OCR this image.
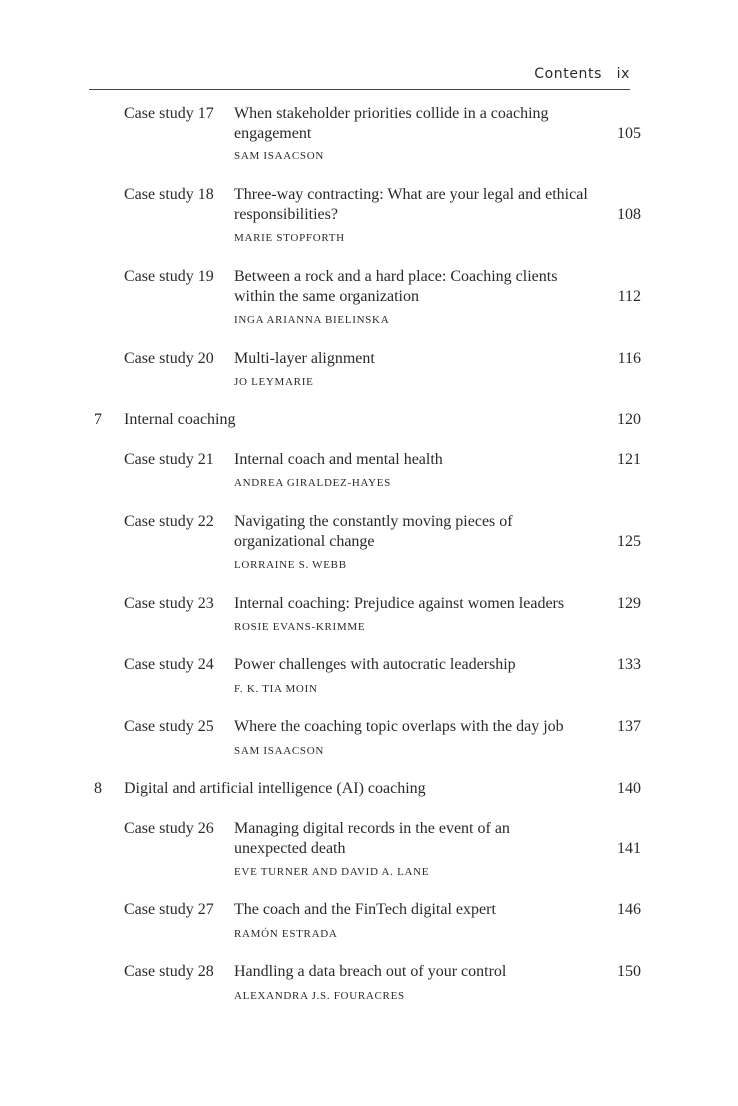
Contents ix
Case study 17 When stakeholder priorities collide in a coaching engagement
SAM ISAACSON
105
Case study 18 Three-way contracting: What are your legal and ethical responsibilities?
MARIE STOPFORTH
108
Case study 19 Between a rock and a hard place: Coaching clients within the same organization
INGA ARIANNA BIELINSKA
112
Case study 20 Multi-layer alignment
JO LEYMARIE
116
7 Internal coaching	120
Case study 21 Internal coach and mental health
ANDREA GIRALDEZ-HAYES
121
Case study 22 Navigating the constantly moving pieces of organizational change
LORRAINE S. WEBB
125
Case study 23 Internal coaching: Prejudice against women leaders
ROSIE EVANS-KRIMME
129
Case study 24 Power challenges with autocratic leadership
F. K. TIA MOIN
133
Case study 25 Where the coaching topic overlaps with the day job
SAM ISAACSON
137
8 Digital and artificial intelligence (AI) coaching	140
Case study 26 Managing digital records in the event of an unexpected death
EVE TURNER AND DAVID A. LANE
141
Case study 27 The coach and the FinTech digital expert
RAMÓN ESTRADA
146
Case study 28 Handling a data breach out of your control
ALEXANDRA J.S. FOURACRES
150
